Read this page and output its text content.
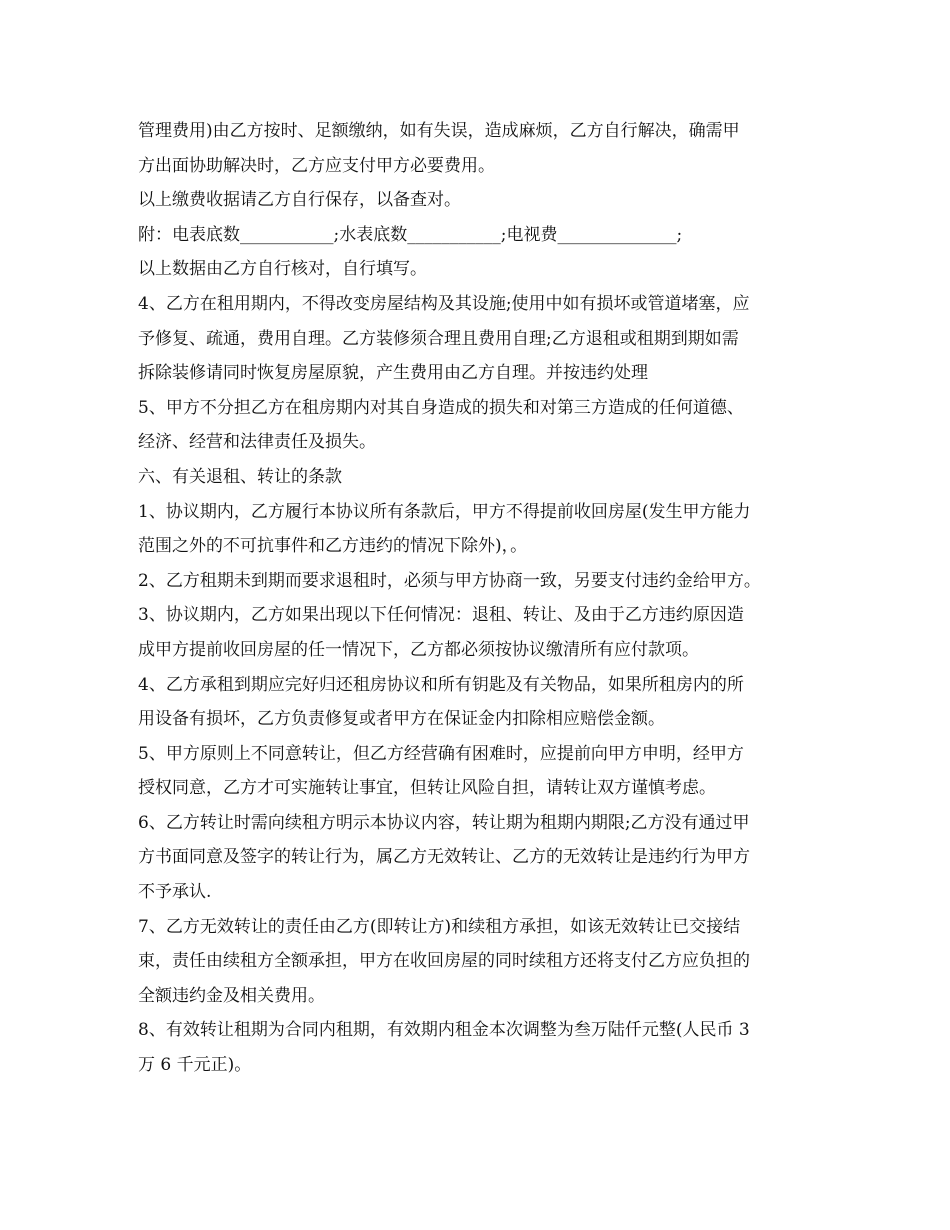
管理费用)由乙方按时、足额缴纳，如有失误，造成麻烦，乙方自行解决，确需甲
方出面协助解决时，乙方应支付甲方必要费用。
以上缴费收据请乙方自行保存，以备查对。
附：电表底数___________;水表底数___________;电视费______________;
以上数据由乙方自行核对，自行填写。
4、乙方在租用期内，不得改变房屋结构及其设施;使用中如有损坏或管道堵塞，应
予修复、疏通，费用自理。乙方装修须合理且费用自理;乙方退租或租期到期如需
拆除装修请同时恢复房屋原貌，产生费用由乙方自理。并按违约处理
5、甲方不分担乙方在租房期内对其自身造成的损失和对第三方造成的任何道德、
经济、经营和法律责任及损失。
六、有关退租、转让的条款
1、协议期内，乙方履行本协议所有条款后，甲方不得提前收回房屋(发生甲方能力
范围之外的不可抗事件和乙方违约的情况下除外)，。
2、乙方租期未到期而要求退租时，必须与甲方协商一致，另要支付违约金给甲方。
3、协议期内，乙方如果出现以下任何情况：退租、转让、及由于乙方违约原因造
成甲方提前收回房屋的任一情况下，乙方都必须按协议缴清所有应付款项。
4、乙方承租到期应完好归还租房协议和所有钥匙及有关物品，如果所租房内的所
用设备有损坏，乙方负责修复或者甲方在保证金内扣除相应赔偿金额。
5、甲方原则上不同意转让，但乙方经营确有困难时，应提前向甲方申明，经甲方
授权同意，乙方才可实施转让事宜，但转让风险自担，请转让双方谨慎考虑。
6、乙方转让时需向续租方明示本协议内容，转让期为租期内期限;乙方没有通过甲
方书面同意及签字的转让行为，属乙方无效转让、乙方的无效转让是违约行为甲方
不予承认.
7、乙方无效转让的责任由乙方(即转让方)和续租方承担，如该无效转让已交接结
束，责任由续租方全额承担，甲方在收回房屋的同时续租方还将支付乙方应负担的
全额违约金及相关费用。
8、有效转让租期为合同内租期，有效期内租金本次调整为叁万陆仟元整(人民币 3
万 6 千元正)。
